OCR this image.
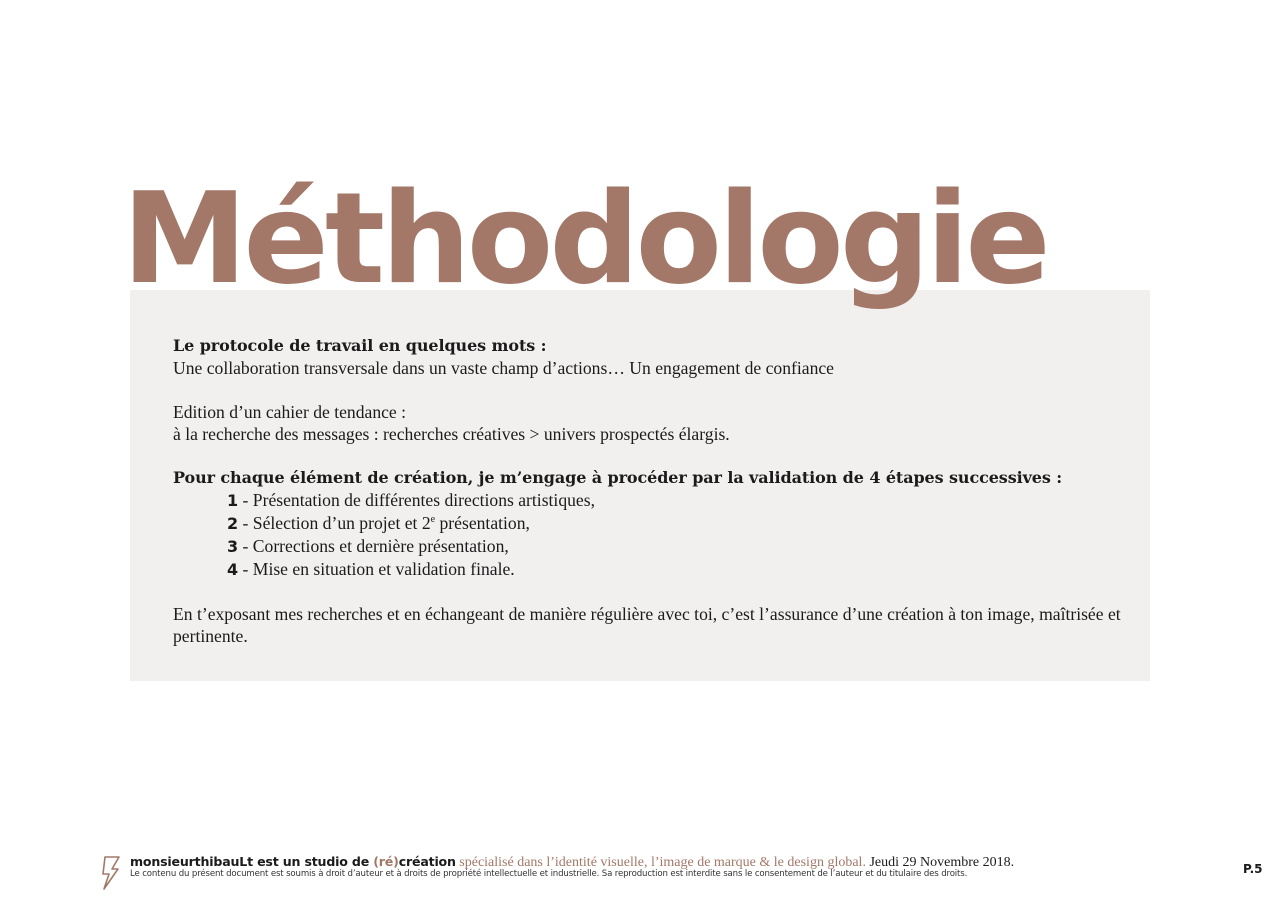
Méthodologie

Le protocole de travail en quelques mots :

Une collaboration transversale dans un vaste champ d’actions… Un engagement de confiance

Edition d’un cahier de tendance :

à la recherche des messages : recherches créatives > univers prospectés élargis.

Pour chaque élément de création, je m’engage à procéder par la validation de 4 étapes successives :

1 - Présentation de différentes directions artistiques,

2 - Sélection d’un projet et 2e présentation,

3 - Corrections et dernière présentation,

4 - Mise en situation et validation finale.

En t’exposant mes recherches et en échangeant de manière régulière avec toi, c’est l’assurance d’une création à ton image, maîtrisée et pertinente.

monsieurthibauLt est un studio de (ré)création spécialisé dans l’identité visuelle, l’image de marque & le design global. Jeudi 29 Novembre 2018.
Le contenu du présent document est soumis à droit d’auteur et à droits de propriété intellectuelle et industrielle. Sa reproduction est interdite sans le consentement de l’auteur et du titulaire des droits.	P.5
